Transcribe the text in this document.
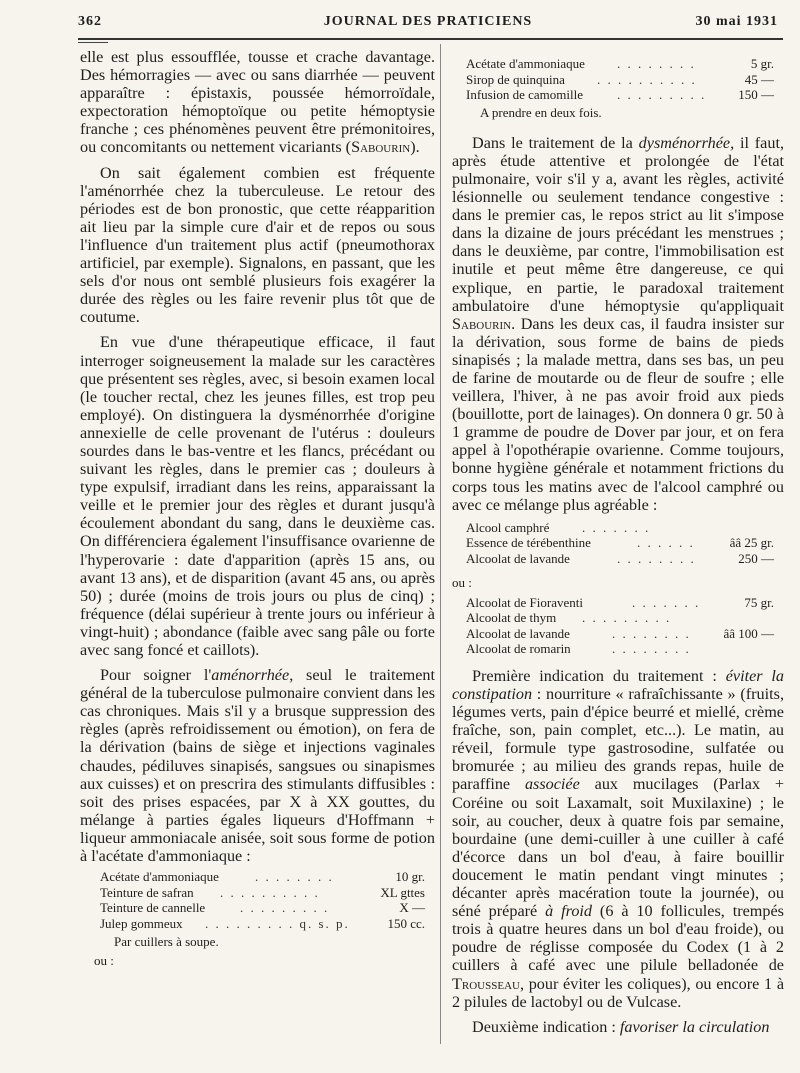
362	JOURNAL DES PRATICIENS	30 mai 1931

elle est plus essoufflée, tousse et crache davantage. Des hémorragies — avec ou sans diarrhée — peuvent apparaître : épistaxis, poussée hémorroïdale, expectoration hémoptoïque ou petite hémoptysie franche ; ces phénomènes peuvent être prémonitoires, ou concomitants ou nettement vicariants (Sabourin).

On sait également combien est fréquente l'aménorrhée chez la tuberculeuse. Le retour des périodes est de bon pronostic, que cette réapparition ait lieu par la simple cure d'air et de repos ou sous l'influence d'un traitement plus actif (pneumothorax artificiel, par exemple). Signalons, en passant, que les sels d'or nous ont semblé plusieurs fois exagérer la durée des règles ou les faire revenir plus tôt que de coutume.

En vue d'une thérapeutique efficace, il faut interroger soigneusement la malade sur les caractères que présentent ses règles, avec, si besoin examen local (le toucher rectal, chez les jeunes filles, est trop peu employé). On distinguera la dysménorrhée d'origine annexielle de celle provenant de l'utérus : douleurs sourdes dans le bas-ventre et les flancs, précédant ou suivant les règles, dans le premier cas ; douleurs à type expulsif, irradiant dans les reins, apparaissant la veille et le premier jour des règles et durant jusqu'à écoulement abondant du sang, dans le deuxième cas. On différenciera également l'insuffisance ovarienne de l'hyperovarie : date d'apparition (après 15 ans, ou avant 13 ans), et de disparition (avant 45 ans, ou après 50) ; durée (moins de trois jours ou plus de cinq) ; fréquence (délai supérieur à trente jours ou inférieur à vingt-huit) ; abondance (faible avec sang pâle ou forte avec sang foncé et caillots).

Pour soigner l'aménorrhée, seul le traitement général de la tuberculose pulmonaire convient dans les cas chroniques. Mais s'il y a brusque suppression des règles (après refroidissement ou émotion), on fera de la dérivation (bains de siège et injections vaginales chaudes, pédiluves sinapisés, sangsues ou sinapismes aux cuisses) et on prescrira des stimulants diffusibles : soit des prises espacées, par X à XX gouttes, du mélange à parties égales liqueurs d'Hoffmann + liqueur ammoniacale anisée, soit sous forme de potion à l'acétate d'ammoniaque :

Acétate d'ammoniaque	. . . . . . . .	10 gr.
Teinture de safran . . . . . . . . . .	XL gttes
Teinture de cannelle	. . . . . . . . .	X —
Julep gommeux . . . . . . . . . q. s. p.	150 cc.
Par cuillers à soupe.
ou :
Acétate d'ammoniaque . . . . . . . .	5 gr.
Sirop de quinquina . . . . . . . . . .	45 —
Infusion de camomille	. . . . . . . . .	150 —
A prendre en deux fois.

Dans le traitement de la dysménorrhée, il faut, après étude attentive et prolongée de l'état pulmonaire, voir s'il y a, avant les règles, activité lésionnelle ou seulement tendance congestive : dans le premier cas, le repos strict au lit s'impose dans la dizaine de jours précédant les menstrues ; dans le deuxième, par contre, l'immobilisation est inutile et peut même être dangereuse, ce qui explique, en partie, le paradoxal traitement ambulatoire d'une hémoptysie qu'appliquait Sabourin. Dans les deux cas, il faudra insister sur la dérivation, sous forme de bains de pieds sinapisés ; la malade mettra, dans ses bas, un peu de farine de moutarde ou de fleur de soufre ; elle veillera, l'hiver, à ne pas avoir froid aux pieds (bouillotte, port de lainages). On donnera 0 gr. 50 à 1 gramme de poudre de Dover par jour, et on fera appel à l'opothérapie ovarienne. Comme toujours, bonne hygiène générale et notamment frictions du corps tous les matins avec de l'alcool camphré ou avec ce mélange plus agréable :

Alcool camphré	. . . . . . .
Essence de térébenthine	. . . . . .	ââ 25 gr.
Alcoolat de lavande	. . . . . . . .	250 —
ou :
Alcoolat de Fioraventi	. . . . . . .	75 gr.
Alcoolat de thym . . . . . . . . .
Alcoolat de lavande	. . . . . . . .	ââ 100 —
Alcoolat de romarin	. . . . . . . .

Première indication du traitement : éviter la constipation : nourriture « rafraîchissante » (fruits, légumes verts, pain d'épice beurré et miellé, crème fraîche, son, pain complet, etc...). Le matin, au réveil, formule type gastrosodine, sulfatée ou bromurée ; au milieu des grands repas, huile de paraffine associée aux mucilages (Parlax + Coréine ou soit Laxamalt, soit Muxilaxine) ; le soir, au coucher, deux à quatre fois par semaine, bourdaine (une demi-cuiller à une cuiller à café d'écorce dans un bol d'eau, à faire bouillir doucement le matin pendant vingt minutes ; décanter après macération toute la journée), ou séné préparé à froid (6 à 10 follicules, trempés trois à quatre heures dans un bol d'eau froide), ou poudre de réglisse composée du Codex (1 à 2 cuillers à café avec une pilule belladonée de Trousseau, pour éviter les coliques), ou encore 1 à 2 pilules de lactobyl ou de Vulcase.

Deuxième indication : favoriser la circulation
